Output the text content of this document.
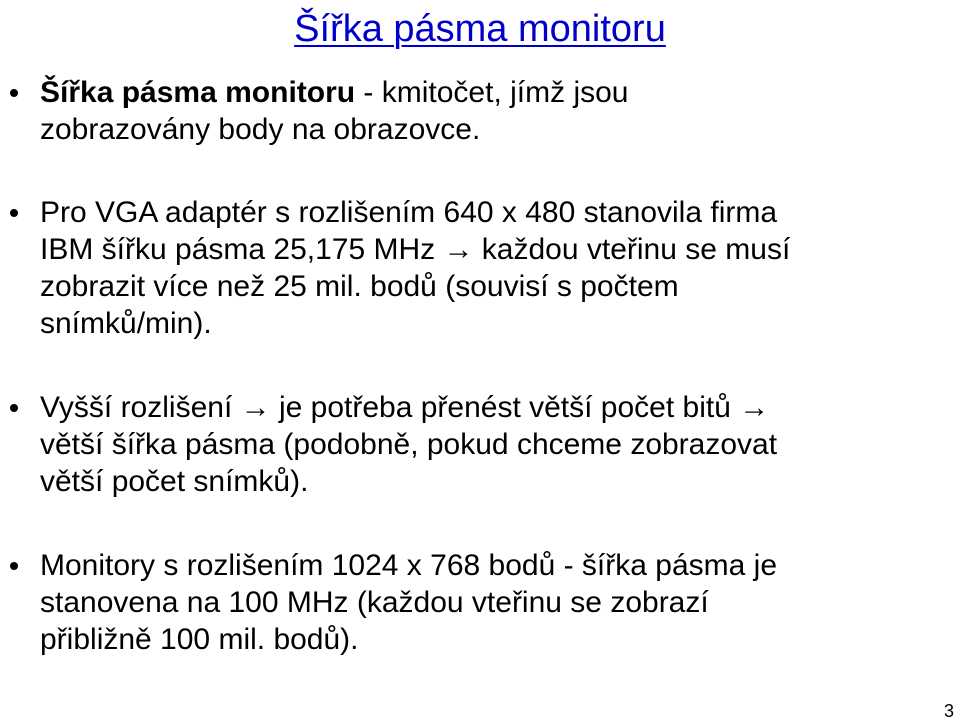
Šířka pásma monitoru
Šířka pásma monitoru - kmitočet, jímž jsou
zobrazovány body na obrazovce.
Pro VGA adaptér s rozlišením 640 x 480 stanovila firma
IBM šířku pásma 25,175 MHz → každou vteřinu se musí
zobrazit více než 25 mil. bodů (souvisí s počtem
snímků/min).
Vyšší rozlišení → je potřeba přenést větší počet bitů →
větší šířka pásma (podobně, pokud chceme zobrazovat
větší počet snímků).
Monitory s rozlišením 1024 x 768 bodů - šířka pásma je
stanovena na 100 MHz (každou vteřinu se zobrazí
přibližně 100 mil. bodů).
3
